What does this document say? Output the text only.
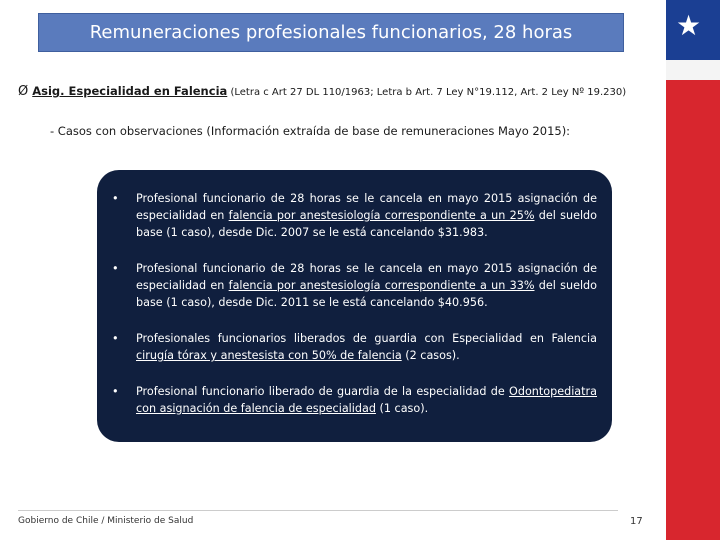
Remuneraciones profesionales funcionarios, 28 horas	★
Ø Asig. Especialidad en Falencia (Letra c Art 27 DL 110/1963; Letra b Art. 7 Ley N°19.112, Art. 2 Ley Nº 19.230)
- Casos con observaciones (Información extraída de base de remuneraciones Mayo 2015):
•	Profesional funcionario de 28 horas se le cancela en mayo 2015 asignación de especialidad en falencia por anestesiología correspondiente a un 25% del sueldo base (1 caso), desde Dic. 2007 se le está cancelando $31.983.
•	Profesional funcionario de 28 horas se le cancela en mayo 2015 asignación de especialidad en falencia por anestesiología correspondiente a un 33% del sueldo base (1 caso), desde Dic. 2011 se le está cancelando $40.956.
•	Profesionales funcionarios liberados de guardia con Especialidad en Falencia cirugía tórax y anestesista con 50% de falencia (2 casos).
•	Profesional funcionario liberado de guardia de la especialidad de Odontopediatra con asignación de falencia de especialidad (1 caso).
Gobierno de Chile / Ministerio de Salud	17
